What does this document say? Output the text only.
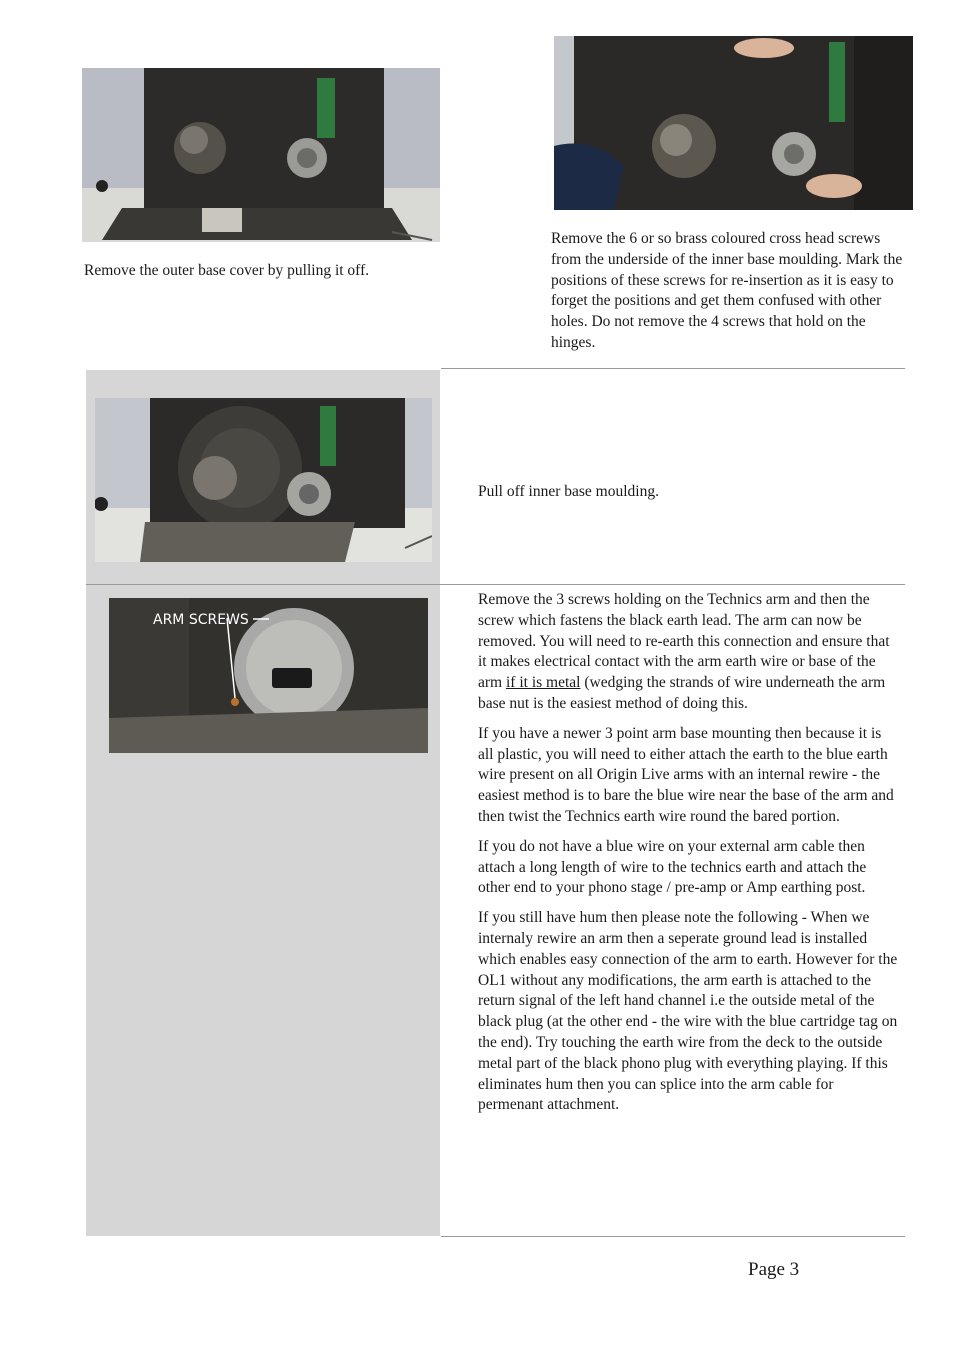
Remove the outer base cover by pulling it off.
Remove the 6 or so brass coloured cross head screws from the underside of the inner base moulding. Mark the positions of these screws for re-insertion as it is easy to forget the positions and get them confused with other holes. Do not remove the 4 screws that hold on the hinges.
Pull off inner base moulding.
ARM SCREWS

Remove the 3 screws holding on the Technics arm and then the screw which fastens the black earth lead. The arm can now be removed. You will need to re-earth this connection and ensure that it makes electrical contact with the arm earth wire or base of the arm if it is metal (wedging the strands of wire underneath the arm base nut is the easiest method of doing this.

If you have a newer 3 point arm base mounting then because it is all plastic, you will need to either attach the earth to the blue earth wire present on all Origin Live arms with an internal rewire - the easiest method is to bare the blue wire near the base of the arm and then twist the Technics earth wire round the bared portion.

If you do not have a blue wire on your external arm cable then attach a long length of wire to the technics earth and attach the other end to your phono stage / pre-amp or Amp earthing post.

If you still have hum then please note the following - When we internaly rewire an arm then a seperate ground lead is installed which enables easy connection of the arm to earth. However for the OL1 without any modifications, the arm earth is attached to the return signal of the left hand channel i.e the outside metal of the black plug (at the other end - the wire with the blue cartridge tag on the end). Try touching the earth wire from the deck to the outside metal part of the black phono plug with everything playing. If this eliminates hum then you can splice into the arm cable for permenant attachment.

Page 3
